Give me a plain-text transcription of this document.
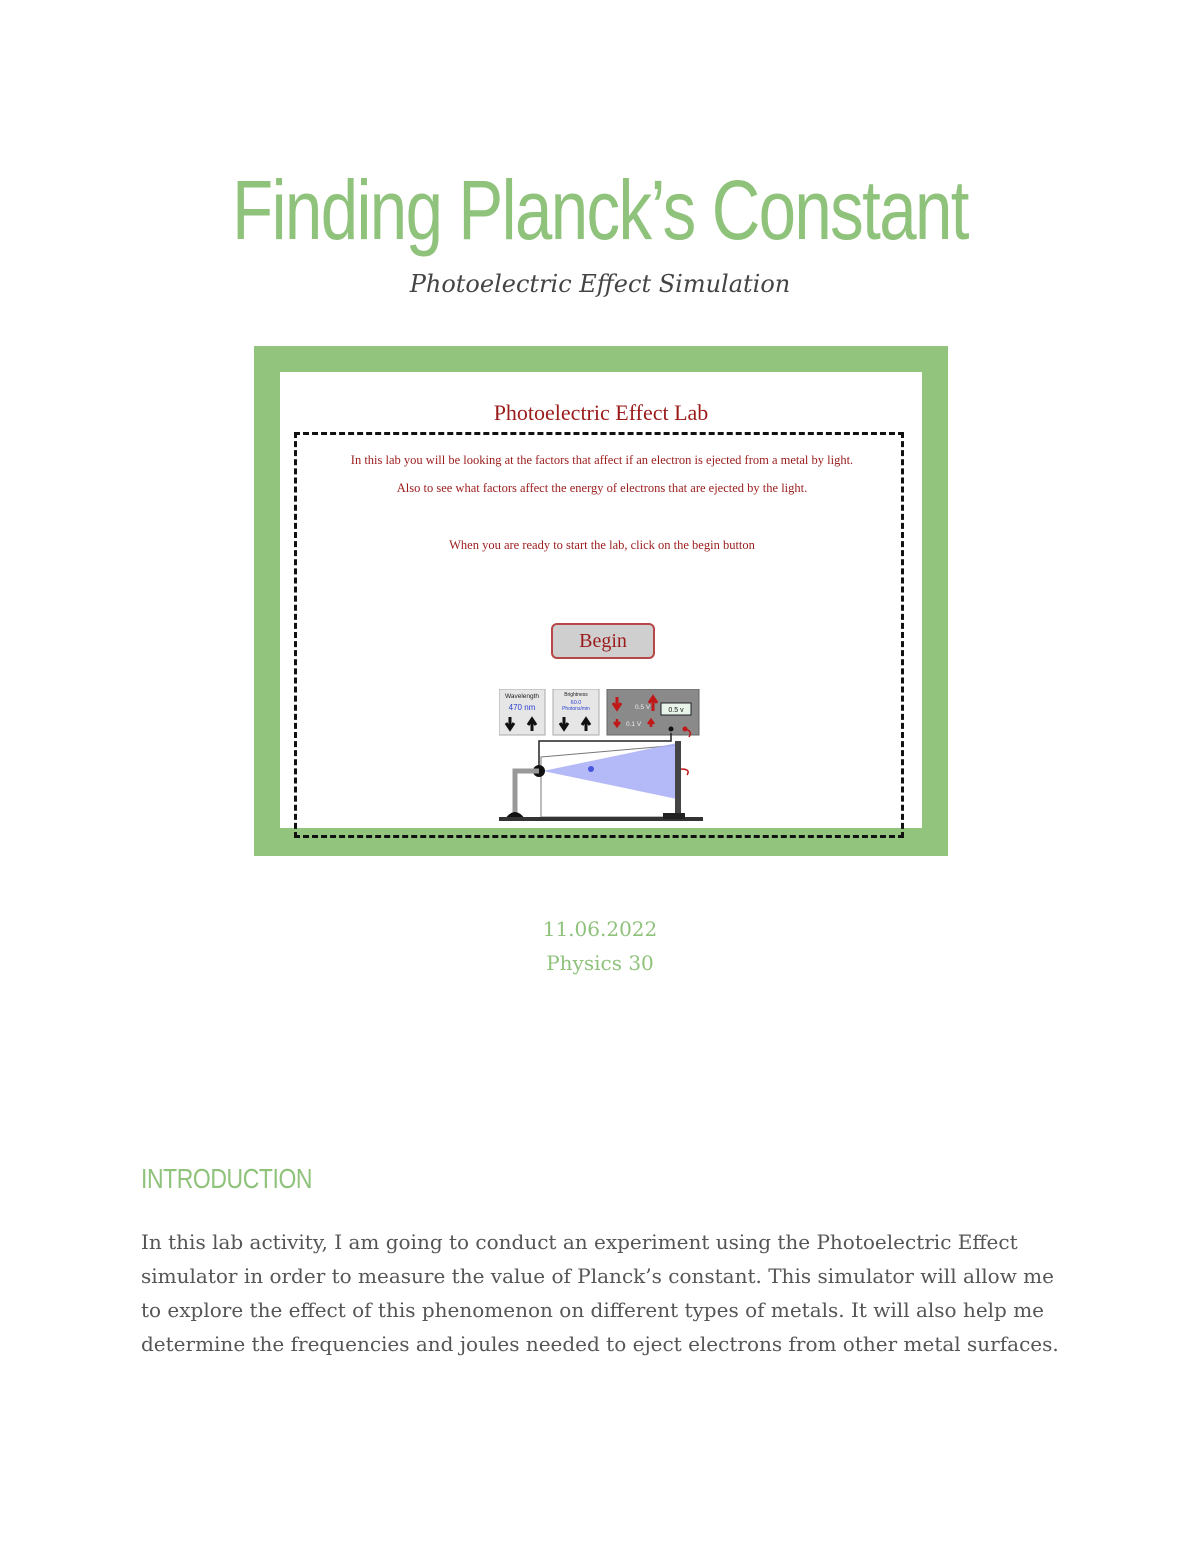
Finding Planck’s Constant

Photoelectric Effect Simulation

Photoelectric Effect Lab
In this lab you will be looking at the factors that affect if an electron is ejected from a metal by light.
Also to see what factors affect the energy of electrons that are ejected by the light.
When you are ready to start the lab, click on the begin button
Begin
Wavelength
470 nm
Brightness
60.0
Photons/min	0.5 V	0.5 v
0.1 V
11.06.2022
Physics 30
INTRODUCTION

In this lab activity, I am going to conduct an experiment using the Photoelectric Effect simulator in order to measure the value of Planck’s constant. This simulator will allow me to explore the effect of this phenomenon on different types of metals. It will also help me determine the frequencies and joules needed to eject electrons from other metal surfaces.
